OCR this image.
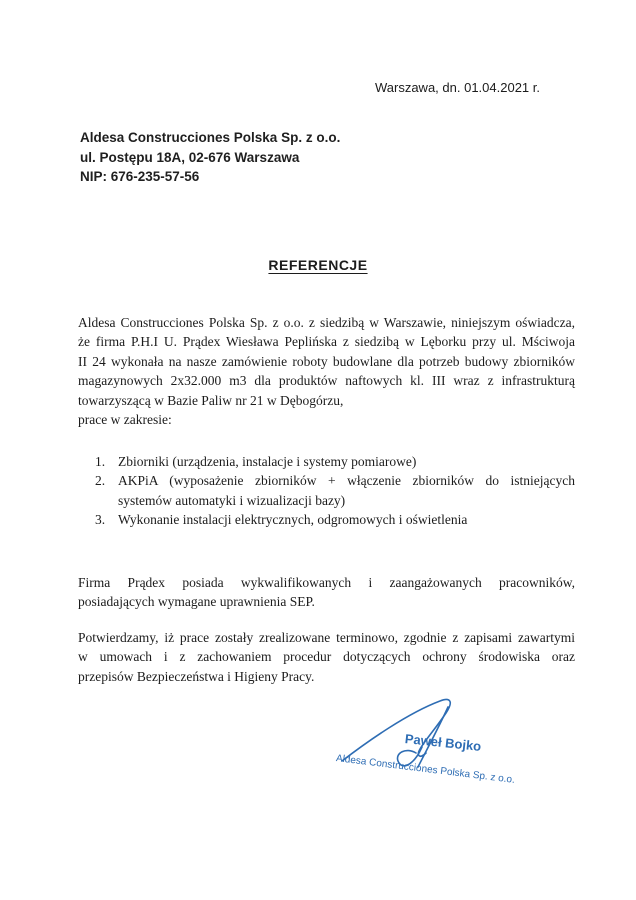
Warszawa, dn. 01.04.2021 r.
Aldesa Construcciones Polska Sp. z o.o.
ul. Postępu 18A, 02-676 Warszawa
NIP: 676-235-57-56
REFERENCJE
Aldesa Construcciones Polska Sp. z o.o. z siedzibą w Warszawie, niniejszym oświadcza,
że firma P.H.I U. Prądex Wiesława Peplińska z siedzibą w Lęborku przy ul. Mściwoja
II 24 wykonała na nasze zamówienie roboty budowlane dla potrzeb budowy zbiorników
magazynowych 2x32.000 m3 dla produktów naftowych kl. III wraz z infrastrukturą
towarzyszącą w Bazie Paliw nr 21 w Dębogórzu,
prace w zakresie:
1. Zbiorniki (urządzenia, instalacje i systemy pomiarowe)
2. AKPiA (wyposażenie zbiorników + włączenie zbiorników do istniejących
systemów automatyki i wizualizacji bazy)
3. Wykonanie instalacji elektrycznych, odgromowych i oświetlenia
Firma Prądex posiada wykwalifikowanych i zaangażowanych pracowników,
posiadających wymagane uprawnienia SEP.
Potwierdzamy, iż prace zostały zrealizowane terminowo, zgodnie z zapisami zawartymi
w umowach i z zachowaniem procedur dotyczących ochrony środowiska oraz
przepisów Bezpieczeństwa i Higieny Pracy.
Paweł Bojko
Aldesa Construcciones Polska Sp. z o.o.
